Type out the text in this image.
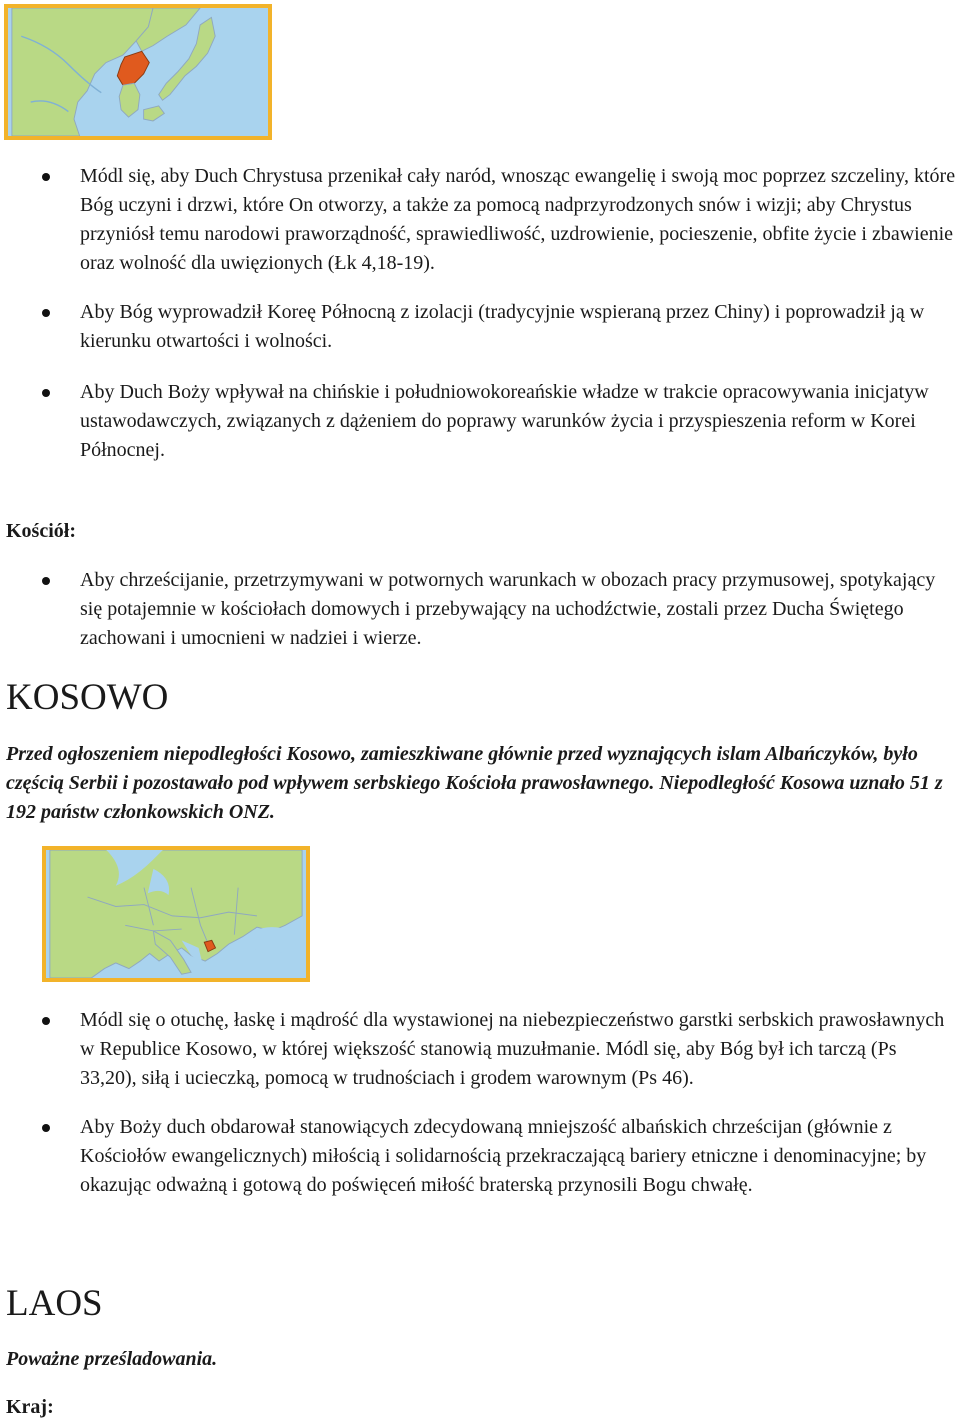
Módl się, aby Duch Chrystusa przenikał cały naród, wnosząc ewangelię i swoją moc poprzez szczeliny, które Bóg uczyni i drzwi, które On otworzy, a także za pomocą nadprzyrodzonych snów i wizji; aby Chrystus przyniósł temu narodowi praworządność, sprawiedliwość, uzdrowienie, pocieszenie, obfite życie i zbawienie oraz wolność dla uwięzionych (Łk 4,18-19).
Aby Bóg wyprowadził Koreę Północną z izolacji (tradycyjnie wspieraną przez Chiny) i poprowadził ją w kierunku otwartości i wolności.
Aby Duch Boży wpływał na chińskie i południowokoreańskie władze w trakcie opracowywania inicjatyw ustawodawczych, związanych z dążeniem do poprawy warunków życia i przyspieszenia reform w Korei Północnej.
Kościół:
Aby chrześcijanie, przetrzymywani w potwornych warunkach w obozach pracy przymusowej, spotykający się potajemnie w kościołach domowych i przebywający na uchodźctwie, zostali przez Ducha Świętego zachowani i umocnieni w nadziei i wierze.
KOSOWO

Przed ogłoszeniem niepodległości Kosowo, zamieszkiwane głównie przed wyznających islam Albańczyków, było częścią Serbii i pozostawało pod wpływem serbskiego Kościoła prawosławnego. Niepodległość Kosowa uznało 51 z 192 państw członkowskich ONZ.

Módl się o otuchę, łaskę i mądrość dla wystawionej na niebezpieczeństwo garstki serbskich prawosławnych w Republice Kosowo, w której większość stanowią muzułmanie. Módl się, aby Bóg był ich tarczą (Ps 33,20), siłą i ucieczką, pomocą w trudnościach i grodem warownym (Ps 46).
Aby Boży duch obdarował stanowiących zdecydowaną mniejszość albańskich chrześcijan (głównie z Kościołów ewangelicznych) miłością i solidarnością przekraczającą bariery etniczne i denominacyjne; by okazując odważną i gotową do poświęceń miłość braterską przynosili Bogu chwałę.
LAOS
Poważne prześladowania.
Kraj:
